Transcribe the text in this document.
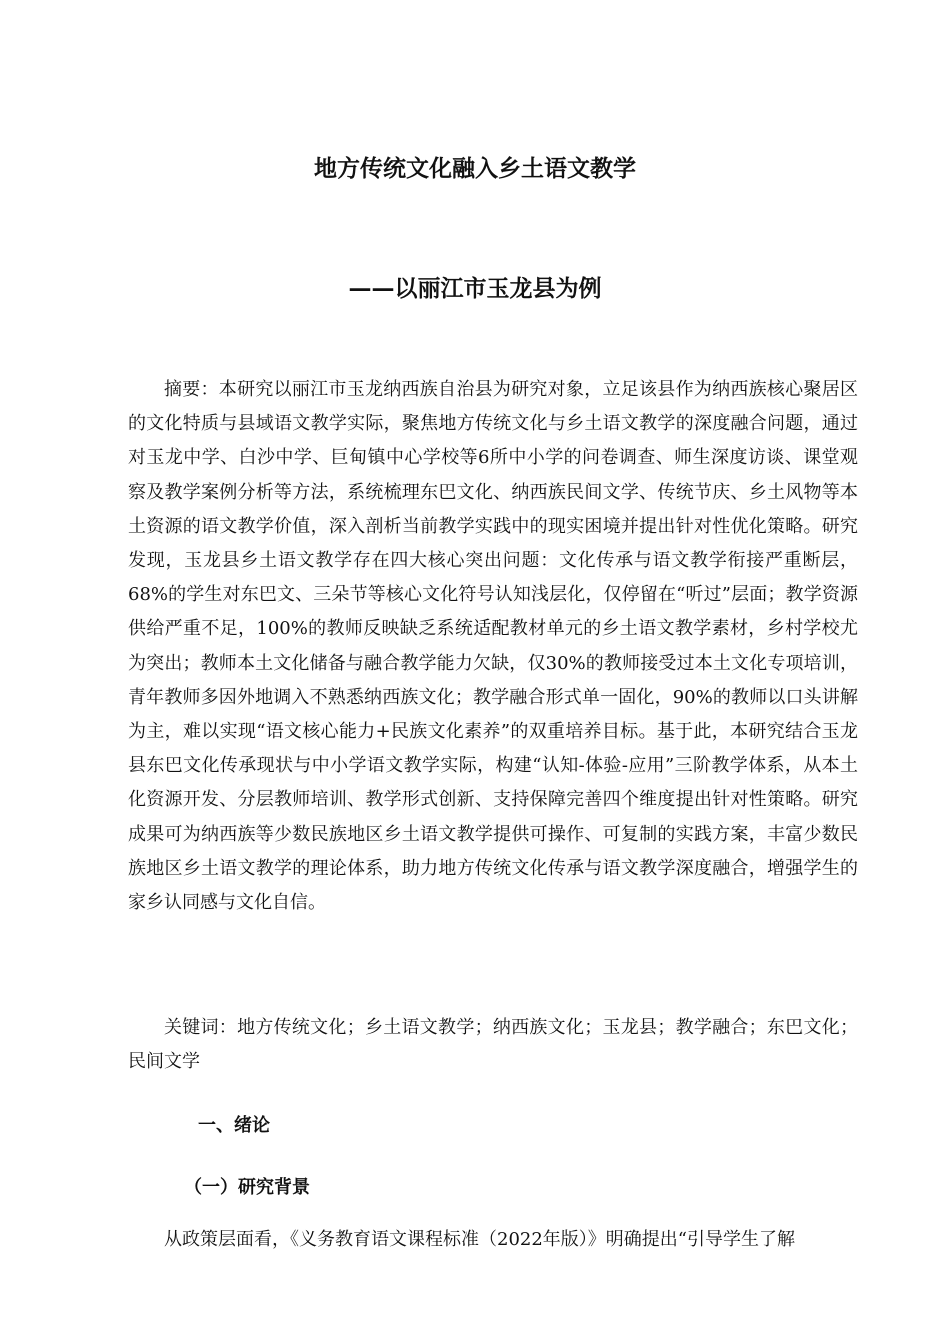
地方传统文化融入乡土语文教学
——以丽江市玉龙县为例

摘要：本研究以丽江市玉龙纳西族自治县为研究对象，立足该县作为纳西族核心聚居区的文化特质与县域语文教学实际，聚焦地方传统文化与乡土语文教学的深度融合问题，通过对玉龙中学、白沙中学、巨甸镇中心学校等6所中小学的问卷调查、师生深度访谈、课堂观察及教学案例分析等方法，系统梳理东巴文化、纳西族民间文学、传统节庆、乡土风物等本土资源的语文教学价值，深入剖析当前教学实践中的现实困境并提出针对性优化策略。研究发现，玉龙县乡土语文教学存在四大核心突出问题：文化传承与语文教学衔接严重断层，68%的学生对东巴文、三朵节等核心文化符号认知浅层化，仅停留在“听过”层面；教学资源供给严重不足，100%的教师反映缺乏系统适配教材单元的乡土语文教学素材，乡村学校尤为突出；教师本土文化储备与融合教学能力欠缺，仅30%的教师接受过本土文化专项培训，青年教师多因外地调入不熟悉纳西族文化；教学融合形式单一固化，90%的教师以口头讲解为主，难以实现“语文核心能力+民族文化素养”的双重培养目标。基于此，本研究结合玉龙县东巴文化传承现状与中小学语文教学实际，构建“认知-体验-应用”三阶教学体系，从本土化资源开发、分层教师培训、教学形式创新、支持保障完善四个维度提出针对性策略。研究成果可为纳西族等少数民族地区乡土语文教学提供可操作、可复制的实践方案，丰富少数民族地区乡土语文教学的理论体系，助力地方传统文化传承与语文教学深度融合，增强学生的家乡认同感与文化自信。

关键词：地方传统文化；乡土语文教学；纳西族文化；玉龙县；教学融合；东巴文化；民间文学

一、绪论
（一）研究背景

从政策层面看，《义务教育语文课程标准（2022年版）》明确提出“引导学生了解
